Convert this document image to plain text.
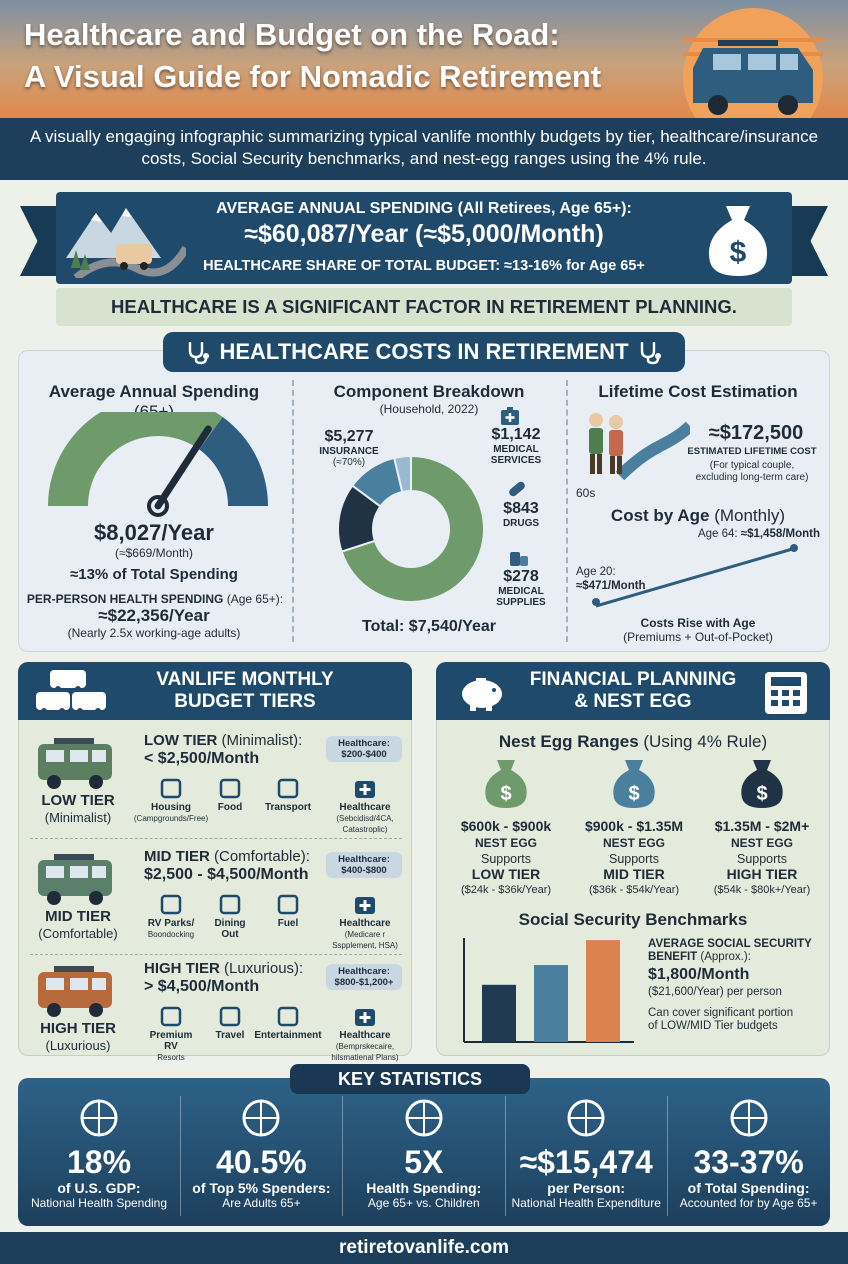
Healthcare and Budget on the Road:
A Visual Guide for Nomadic Retirement
A visually engaging infographic summarizing typical vanlife monthly budgets by tier, healthcare/insurance costs, Social Security benchmarks, and nest-egg ranges using the 4% rule.
AVERAGE ANNUAL SPENDING (All Retirees, Age 65+):
≈$60,087/Year (≈$5,000/Month)
HEALTHCARE SHARE OF TOTAL BUDGET: ≈13-16% for Age 65+	$
HEALTHCARE IS A SIGNIFICANT FACTOR IN RETIREMENT PLANNING.
HEALTHCARE COSTS IN RETIREMENT
Average Annual Spending
$8,027/Year
(≈$669/Month)
≈13% of Total Spending
PER-PERSON HEALTH SPENDING (Age 65+):
≈$22,356/Year
(Nearly 2.5x working-age adults)
Component Breakdown
(Household, 2022)
$5,277
INSURANCE
(≈70%)
$1,142
MEDICAL
SERVICES
$843
DRUGS
$278
MEDICAL
SUPPLIES
Total: $7,540/Year
Lifetime Cost Estimation
60s
≈$172,500
ESTIMATED LIFETIME COST
(For typical couple,
excluding long-term care)
Cost by Age (Monthly)
Age 64: ≈$1,458/Month
Age 20:
≈$471/Month
Costs Rise with Age
(Premiums + Out-of-Pocket)
VANLIFE MONTHLY
BUDGET TIERS
LOW TIER
(Minimalist)
LOW TIER (Minimalist):
< $2,500/Month
Healthcare:
$200-$400
Housing
(Campgrounds/Free)
Food Transport	Healthcare
(Sebcidisd/4CA, Catastroplic)
MID TIER
(Comfortable)
MID TIER (Comfortable):
$2,500 - $4,500/Month
Healthcare:
$400-$800
RV Parks/
Boondocking
Dining Out
Fuel	Healthcare
(Medicare r Sspplement, HSA)
HIGH TIER
(Luxurious)
HIGH TIER (Luxurious):
> $4,500/Month
Healthcare:
$800-$1,200+
Premium RV
Resorts
Travel Entertainment Healthcare
(Bemprskecaire, hilsmatienal Plans)
FINANCIAL PLANNING
& NEST EGG
Nest Egg Ranges (Using 4% Rule)
$
$600k - $900k
NEST EGG
Supports
LOW TIER
($24k - $36k/Year)
$
$900k - $1.35M
NEST EGG
Supports
MID TIER
($36k - $54k/Year)
$
$1.35M - $2M+
NEST EGG
Supports
HIGH TIER
($54k - $80k+/Year)
Social Security Benchmarks
AVERAGE SOCIAL SECURITY
BENEFIT (Approx.):
$1,800/Month
($21,600/Year) per person
Can cover significant portion
of LOW/MID Tier budgets
KEY STATISTICS
18%
of U.S. GDP:
National Health Spending
40.5%
of Top 5% Spenders:
Are Adults 65+
5X
Health Spending:
Age 65+ vs. Children
≈$15,474
per Person:
National Health Expenditure
33-37%
of Total Spending:
Accounted for by Age 65+
retiretovanlife.com
